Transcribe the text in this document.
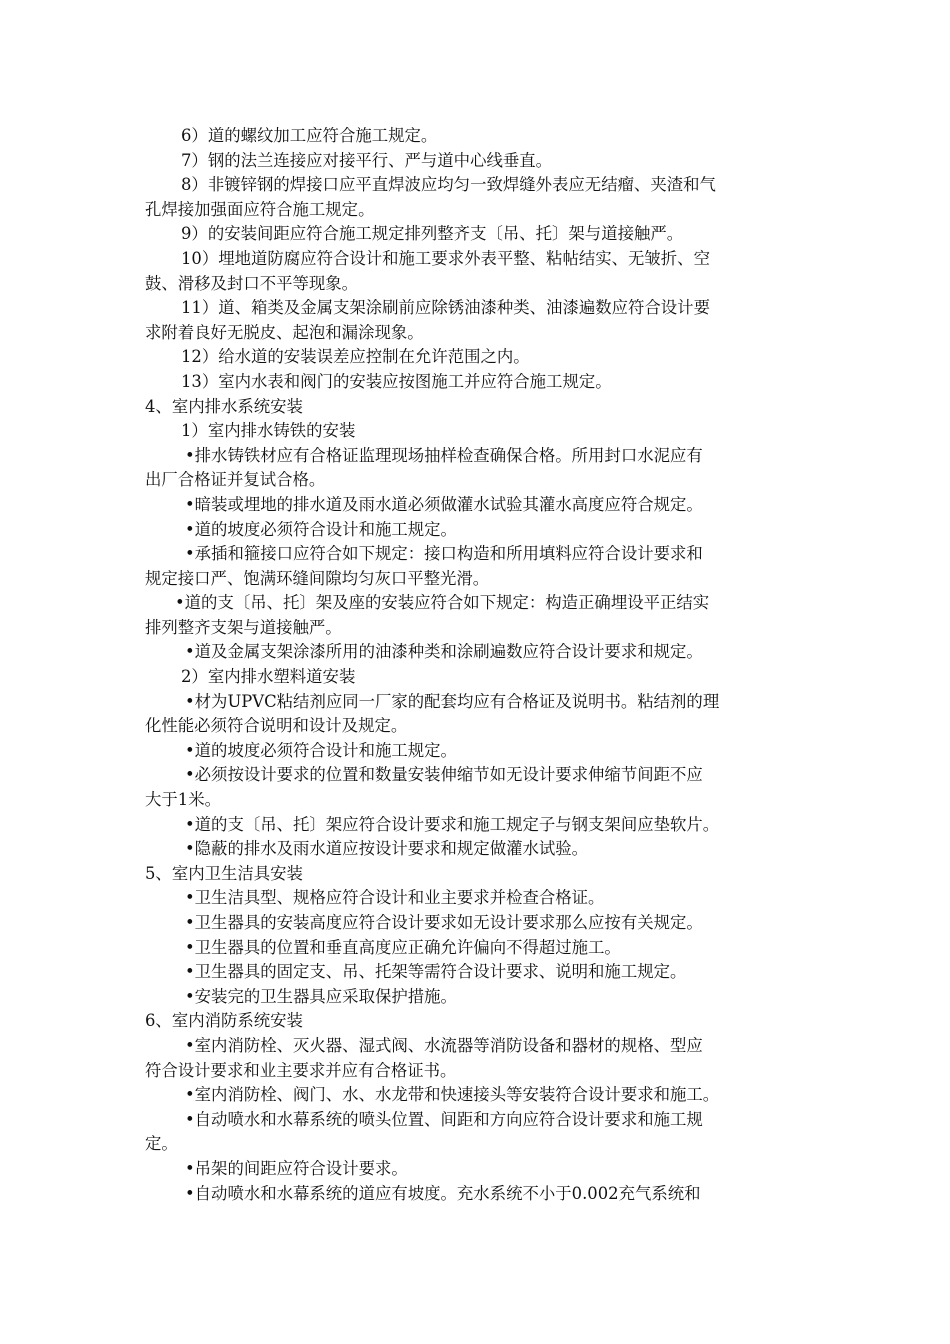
6）道的螺纹加工应符合施工规定。
7）钢的法兰连接应对接平行、严与道中心线垂直。
8）非镀锌钢的焊接口应平直焊波应均匀一致焊缝外表应无结瘤、夹渣和气
孔焊接加强面应符合施工规定。
9）的安装间距应符合施工规定排列整齐支〔吊、托〕架与道接触严。
10）埋地道防腐应符合设计和施工要求外表平整、粘帖结实、无皱折、空
鼓、滑移及封口不平等现象。
11）道、箱类及金属支架涂刷前应除锈油漆种类、油漆遍数应符合设计要
求附着良好无脱皮、起泡和漏涂现象。
12）给水道的安装误差应控制在允许范围之内。
13）室内水表和阀门的安装应按图施工并应符合施工规定。
4、室内排水系统安装
1）室内排水铸铁的安装
•排水铸铁材应有合格证监理现场抽样检查确保合格。所用封口水泥应有
出厂合格证并复试合格。
•暗装或埋地的排水道及雨水道必须做灌水试验其灌水高度应符合规定。
•道的坡度必须符合设计和施工规定。
•承插和箍接口应符合如下规定：接口构造和所用填料应符合设计要求和
规定接口严、饱满环缝间隙均匀灰口平整光滑。
•道的支〔吊、托〕架及座的安装应符合如下规定：构造正确埋设平正结实
排列整齐支架与道接触严。
•道及金属支架涂漆所用的油漆种类和涂刷遍数应符合设计要求和规定。
2）室内排水塑料道安装
•材为UPVC粘结剂应同一厂家的配套均应有合格证及说明书。粘结剂的理
化性能必须符合说明和设计及规定。
•道的坡度必须符合设计和施工规定。
•必须按设计要求的位置和数量安装伸缩节如无设计要求伸缩节间距不应
大于1米。
•道的支〔吊、托〕架应符合设计要求和施工规定子与钢支架间应垫软片。
•隐蔽的排水及雨水道应按设计要求和规定做灌水试验。
5、室内卫生洁具安装
•卫生洁具型、规格应符合设计和业主要求并检查合格证。
•卫生器具的安装高度应符合设计要求如无设计要求那么应按有关规定。
•卫生器具的位置和垂直高度应正确允许偏向不得超过施工。
•卫生器具的固定支、吊、托架等需符合设计要求、说明和施工规定。
•安装完的卫生器具应采取保护措施。
6、室内消防系统安装
•室内消防栓、灭火器、湿式阀、水流器等消防设备和器材的规格、型应
符合设计要求和业主要求并应有合格证书。
•室内消防栓、阀门、水、水龙带和快速接头等安装符合设计要求和施工。
•自动喷水和水幕系统的喷头位置、间距和方向应符合设计要求和施工规
定。
•吊架的间距应符合设计要求。
•自动喷水和水幕系统的道应有坡度。充水系统不小于0.002充气系统和
